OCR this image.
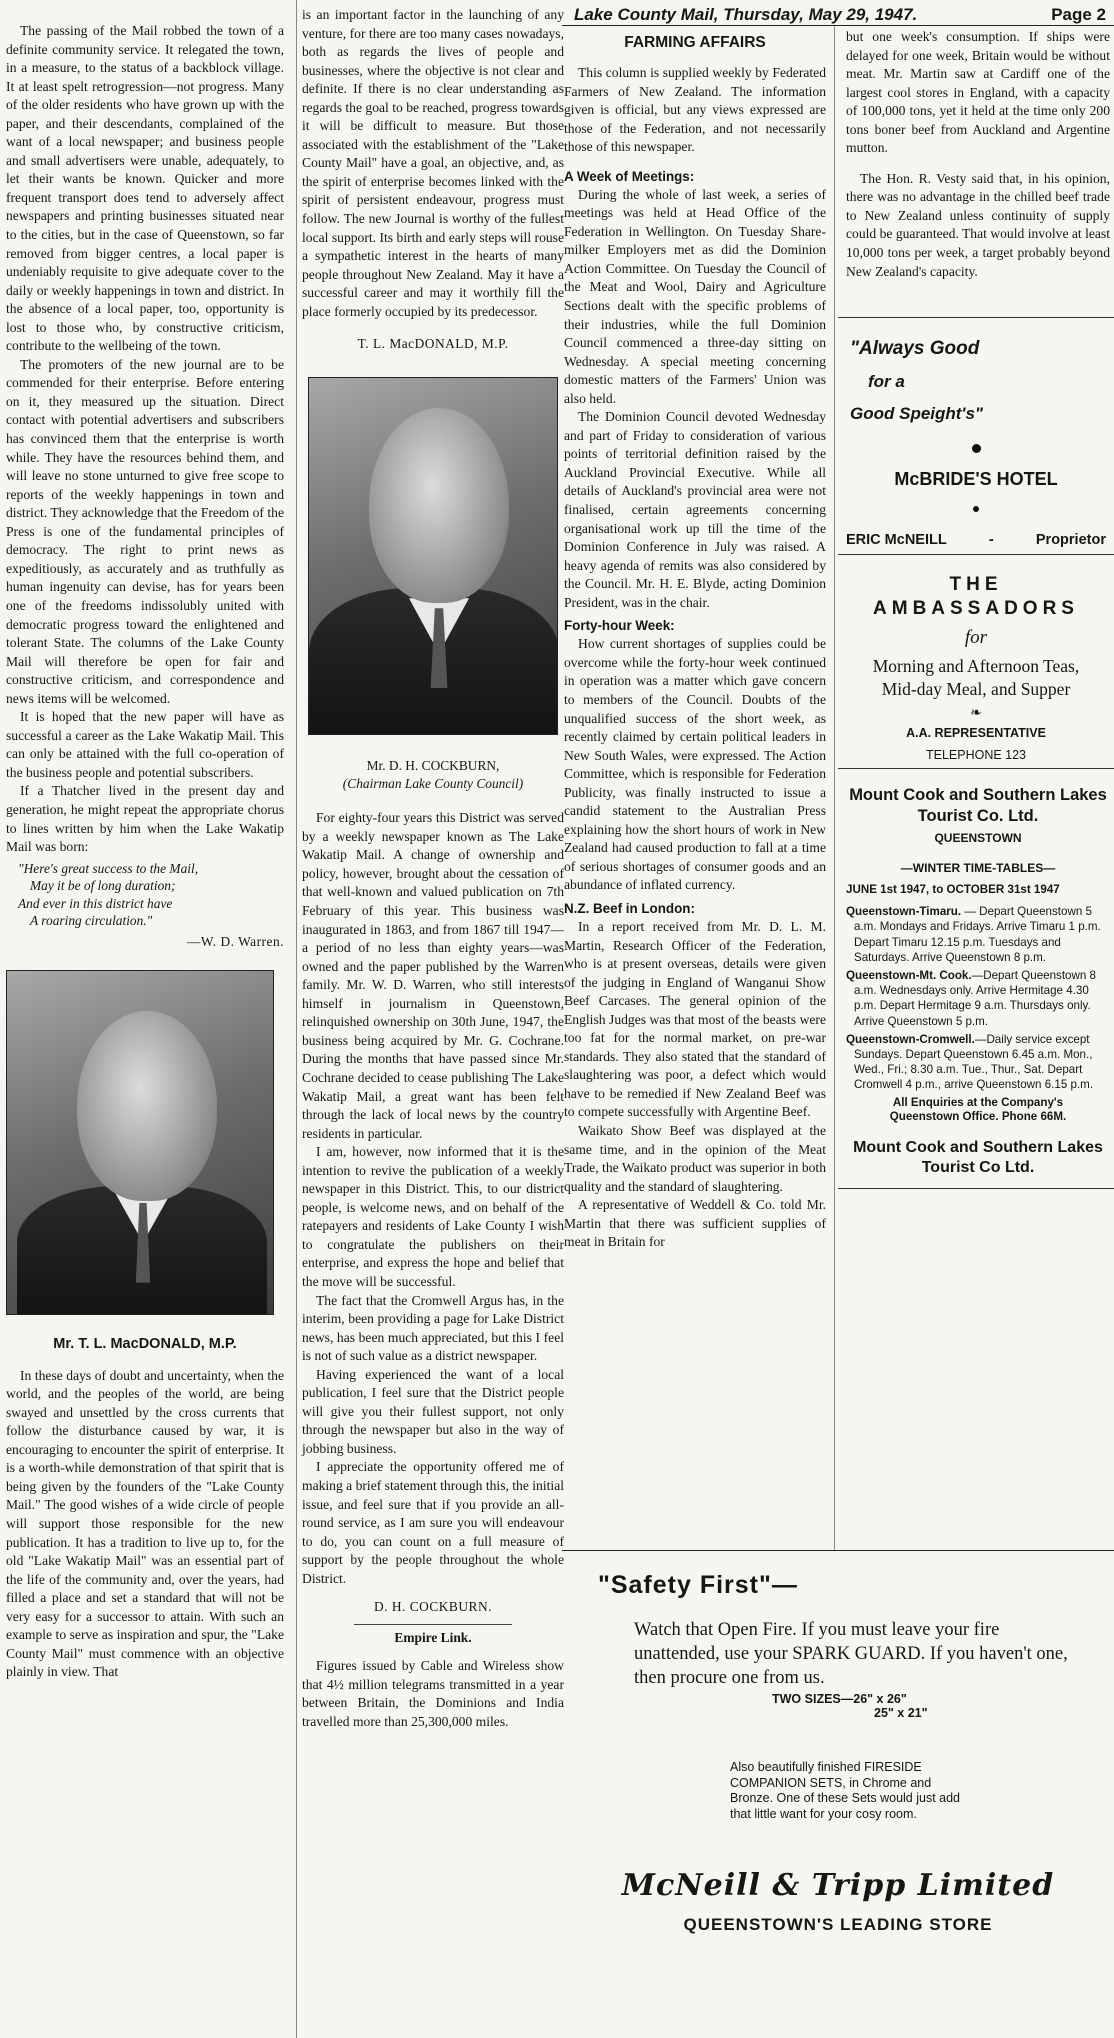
The passing of the Mail robbed the town of a definite community service. It relegated the town, in a measure, to the status of a backblock village. It at least spelt retrogression—not progress. Many of the older residents who have grown up with the paper, and their descendants, complained of the want of a local newspaper; and business people and small advertisers were unable, adequately, to let their wants be known. Quicker and more frequent transport does tend to adversely affect newspapers and printing businesses situated near to the cities, but in the case of Queenstown, so far removed from bigger centres, a local paper is undeniably requisite to give adequate cover to the daily or weekly happenings in town and district. In the absence of a local paper, too, opportunity is lost to those who, by constructive criticism, contribute to the wellbeing of the town.

The promoters of the new journal are to be commended for their enterprise. Before entering on it, they measured up the situation. Direct contact with potential advertisers and subscribers has convinced them that the enterprise is worth while. They have the resources behind them, and will leave no stone unturned to give free scope to reports of the weekly happenings in town and district. They acknowledge that the Freedom of the Press is one of the fundamental principles of democracy. The right to print news as expeditiously, as accurately and as truthfully as human ingenuity can devise, has for years been one of the freedoms indissolubly united with democratic progress toward the enlightened and tolerant State. The columns of the Lake County Mail will therefore be open for fair and constructive criticism, and correspondence and news items will be welcomed.

It is hoped that the new paper will have as successful a career as the Lake Wakatip Mail. This can only be attained with the full co-operation of the business people and potential subscribers.

If a Thatcher lived in the present day and generation, he might repeat the appropriate chorus to lines written by him when the Lake Wakatip Mail was born:

"Here's great success to the Mail,
May it be of long duration;
And ever in this district have
A roaring circulation."
—W. D. Warren.
Mr. T. L. MacDONALD, M.P.

In these days of doubt and uncertainty, when the world, and the peoples of the world, are being swayed and unsettled by the cross currents that follow the disturbance caused by war, it is encouraging to encounter the spirit of enterprise. It is a worth-while demonstration of that spirit that is being given by the founders of the "Lake County Mail." The good wishes of a wide circle of people will support those responsible for the new publication. It has a tradition to live up to, for the old "Lake Wakatip Mail" was an essential part of the life of the community and, over the years, had filled a place and set a standard that will not be very easy for a successor to attain. With such an example to serve as inspiration and spur, the "Lake County Mail" must commence with an objective plainly in view. That

is an important factor in the launching of any venture, for there are too many cases nowadays, both as regards the lives of people and businesses, where the objective is not clear and definite. If there is no clear understanding as regards the goal to be reached, progress towards it will be difficult to measure. But those associated with the establishment of the "Lake County Mail" have a goal, an objective, and, as the spirit of enterprise becomes linked with the spirit of persistent endeavour, progress must follow. The new Journal is worthy of the fullest local support. Its birth and early steps will rouse a sympathetic interest in the hearts of many people throughout New Zealand. May it have a successful career and may it worthily fill the place formerly occupied by its predecessor.

T. L. MacDONALD, M.P.
Mr. D. H. COCKBURN,
(Chairman Lake County Council)

For eighty-four years this District was served by a weekly newspaper known as The Lake Wakatip Mail. A change of ownership and policy, however, brought about the cessation of that well-known and valued publication on 7th February of this year. This business was inaugurated in 1863, and from 1867 till 1947—a period of no less than eighty years—was owned and the paper published by the Warren family. Mr. W. D. Warren, who still interests himself in journalism in Queenstown, relinquished ownership on 30th June, 1947, the business being acquired by Mr. G. Cochrane. During the months that have passed since Mr. Cochrane decided to cease publishing The Lake Wakatip Mail, a great want has been felt through the lack of local news by the country residents in particular.

I am, however, now informed that it is the intention to revive the publication of a weekly newspaper in this District. This, to our district people, is welcome news, and on behalf of the ratepayers and residents of Lake County I wish to congratulate the publishers on their enterprise, and express the hope and belief that the move will be successful.

The fact that the Cromwell Argus has, in the interim, been providing a page for Lake District news, has been much appreciated, but this I feel is not of such value as a district newspaper.

Having experienced the want of a local publication, I feel sure that the District people will give you their fullest support, not only through the newspaper but also in the way of jobbing business.

I appreciate the opportunity offered me of making a brief statement through this, the initial issue, and feel sure that if you provide an all-round service, as I am sure you will endeavour to do, you can count on a full measure of support by the people throughout the whole District.

D. H. COCKBURN.
Empire Link.

Figures issued by Cable and Wireless show that 4½ million telegrams transmitted in a year between Britain, the Dominions and India travelled more than 25,300,000 miles.

Lake County Mail, Thursday, May 29, 1947.	Page 2
FARMING AFFAIRS

This column is supplied weekly by Federated Farmers of New Zealand. The information given is official, but any views expressed are those of the Federation, and not necessarily those of this newspaper.

A Week of Meetings:

During the whole of last week, a series of meetings was held at Head Office of the Federation in Wellington. On Tuesday Share-milker Employers met as did the Dominion Action Committee. On Tuesday the Council of the Meat and Wool, Dairy and Agriculture Sections dealt with the specific problems of their industries, while the full Dominion Council commenced a three-day sitting on Wednesday. A special meeting concerning domestic matters of the Farmers' Union was also held.

The Dominion Council devoted Wednesday and part of Friday to consideration of various points of territorial definition raised by the Auckland Provincial Executive. While all details of Auckland's provincial area were not finalised, certain agreements concerning organisational work up till the time of the Dominion Conference in July was raised. A heavy agenda of remits was also considered by the Council. Mr. H. E. Blyde, acting Dominion President, was in the chair.

Forty-hour Week:

How current shortages of supplies could be overcome while the forty-hour week continued in operation was a matter which gave concern to members of the Council. Doubts of the unqualified success of the short week, as recently claimed by certain political leaders in New South Wales, were expressed. The Action Committee, which is responsible for Federation Publicity, was finally instructed to issue a candid statement to the Australian Press explaining how the short hours of work in New Zealand had caused production to fall at a time of serious shortages of consumer goods and an abundance of inflated currency.

N.Z. Beef in London:

In a report received from Mr. D. L. M. Martin, Research Officer of the Federation, who is at present overseas, details were given of the judging in England of Wanganui Show Beef Carcases. The general opinion of the English Judges was that most of the beasts were too fat for the normal market, on pre-war standards. They also stated that the standard of slaughtering was poor, a defect which would have to be remedied if New Zealand Beef was to compete successfully with Argentine Beef.

Waikato Show Beef was displayed at the same time, and in the opinion of the Meat Trade, the Waikato product was superior in both quality and the standard of slaughtering.

A representative of Weddell & Co. told Mr. Martin that there was sufficient supplies of meat in Britain for

but one week's consumption. If ships were delayed for one week, Britain would be without meat. Mr. Martin saw at Cardiff one of the largest cool stores in England, with a capacity of 100,000 tons, yet it held at the time only 200 tons boner beef from Auckland and Argentine mutton.

The Hon. R. Vesty said that, in his opinion, there was no advantage in the chilled beef trade to New Zealand unless continuity of supply could be guaranteed. That would involve at least 10,000 tons per week, a target probably beyond New Zealand's capacity.

"Always Good
for a
Good Speight's"
McBRIDE'S HOTEL
ERIC McNEILL	-	Proprietor
THE AMBASSADORS
for
Morning and Afternoon Teas,
Mid-day Meal, and Supper
❧
A.A. REPRESENTATIVE
TELEPHONE 123
Mount Cook and Southern Lakes Tourist Co. Ltd.
QUEENSTOWN
—WINTER TIME-TABLES—
JUNE 1st 1947, to OCTOBER 31st 1947

Queenstown-Timaru. — Depart Queenstown 5 a.m. Mondays and Fridays. Arrive Timaru 1 p.m. Depart Timaru 12.15 p.m. Tuesdays and Saturdays. Arrive Queenstown 8 p.m.

Queenstown-Mt. Cook.—Depart Queenstown 8 a.m. Wednesdays only. Arrive Hermitage 4.30 p.m. Depart Hermitage 9 a.m. Thursdays only. Arrive Queenstown 5 p.m.

Queenstown-Cromwell.—Daily service except Sundays. Depart Queenstown 6.45 a.m. Mon., Wed., Fri.; 8.30 a.m. Tue., Thur., Sat. Depart Cromwell 4 p.m., arrive Queenstown 6.15 p.m.

All Enquiries at the Company's Queenstown Office. Phone 66M.
Mount Cook and Southern Lakes Tourist Co Ltd.
"Safety First"—
Watch that Open Fire. If you must leave your fire unattended, use your SPARK GUARD. If you haven't one, then procure one from us.
TWO SIZES—26" x 26"
25" x 21"
Also beautifully finished FIRESIDE COMPANION SETS, in Chrome and Bronze. One of these Sets would just add that little want for your cosy room.
McNeill & Tripp Limited
QUEENSTOWN'S LEADING STORE
